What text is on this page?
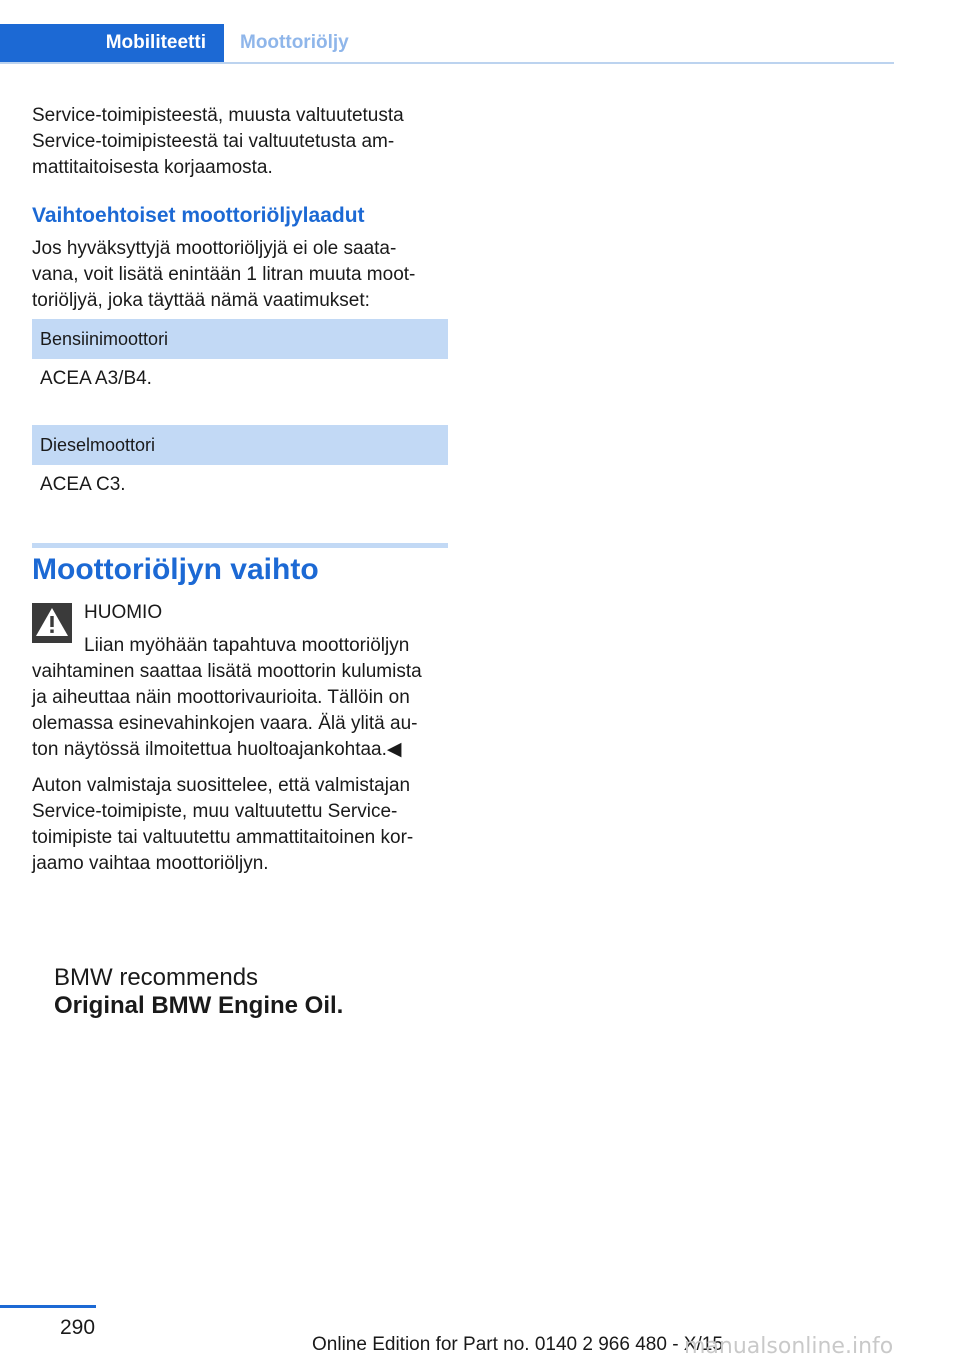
Mobiliteetti	Moottoriöljy

Service-toimipisteestä, muusta valtuutetusta

Service-toimipisteestä tai valtuutetusta am‐

mattitaitoisesta korjaamosta.

Vaihtoehtoiset moottoriöljylaadut

Jos hyväksyttyjä moottoriöljyjä ei ole saata‐

vana, voit lisätä enintään 1 litran muuta moot‐

toriöljyä, joka täyttää nämä vaatimukset:

Bensiinimoottori
ACEA A3/B4.
Dieselmoottori
ACEA C3.
Moottoriöljyn vaihto
HUOMIO
Liian myöhään tapahtuva moottoriöljyn
vaihtaminen saattaa lisätä moottorin kulumista
ja aiheuttaa näin moottorivaurioita. Tällöin on
olemassa esinevahinkojen vaara. Älä ylitä au‐
ton näytössä ilmoitettua huoltoajankohtaa.◀

Auton valmistaja suosittelee, että valmistajan

Service-toimipiste, muu valtuutettu Service-

toimipiste tai valtuutettu ammattitaitoinen kor‐

jaamo vaihtaa moottoriöljyn.

BMW recommends
Original BMW Engine Oil.
290
Online Edition for Part no. 0140 2 966 480 - X/15
manualsonline.info
